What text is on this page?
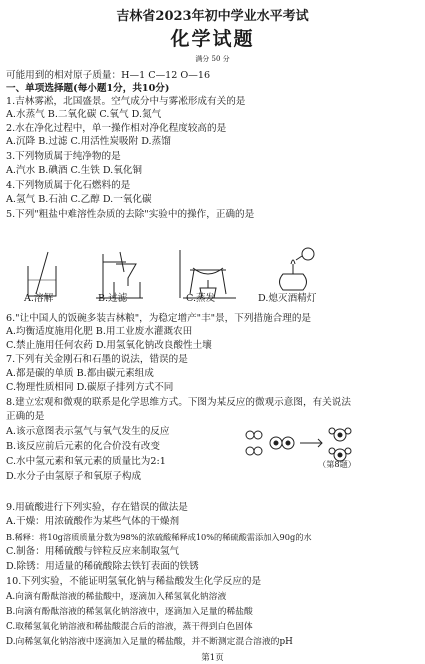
吉林省2023年初中学业水平考试
化学试题
满分 50 分
可能用到的相对原子质量：H—1 C—12 O—16
一、单项选择题(每小题1分，共10分)
1.吉林雾凇，北国盛景。空气成分中与雾凇形成有关的是
A.水蒸气 B.二氧化碳 C.氧气 D.氮气
2.水在净化过程中，单一操作相对净化程度较高的是
A.沉降 B.过滤 C.用活性炭吸附 D.蒸馏
3.下列物质属于纯净物的是
A.汽水 B.碘酒 C.生铁 D.氧化铜
4.下列物质属于化石燃料的是
A.氢气 B.石油 C.乙醇 D.一氧化碳
5.下列"粗盐中难溶性杂质的去除"实验中的操作，正确的是
A.溶解	B.过滤	C.蒸发	D.熄灭酒精灯
6."让中国人的饭碗多装吉林粮"，为稳定增产"丰"景，下列措施合理的是
A.均衡适度施用化肥 B.用工业废水灌溉农田
C.禁止施用任何农药 D.用氢氧化钠改良酸性土壤
7.下列有关金刚石和石墨的说法，错误的是
A.都是碳的单质 B.都由碳元素组成
C.物理性质相同 D.碳原子排列方式不同
8.建立宏观和微观的联系是化学思维方式。下图为某反应的微观示意图，有关说法
正确的是
A.该示意图表示氢气与氧气发生的反应
B.该反应前后元素的化合价没有改变
C.水中氢元素和氧元素的质量比为2:1
D.水分子由氢原子和氧原子构成
（第8题）
9.用硫酸进行下列实验，存在错误的做法是
A.干燥：用浓硫酸作为某些气体的干燥剂
B.稀释：将10g溶质质量分数为98%的浓硫酸稀释成10%的稀硫酸需添加入90g的水
C.制备：用稀硫酸与锌粒反应来制取氢气
D.除锈：用适量的稀硫酸除去铁钉表面的铁锈
10.下列实验，不能证明氢氧化钠与稀盐酸发生化学反应的是
A.向滴有酚酞溶液的稀盐酸中，逐滴加入稀氢氧化钠溶液
B.向滴有酚酞溶液的稀氢氧化钠溶液中，逐滴加入足量的稀盐酸
C.取稀氢氧化钠溶液和稀盐酸混合后的溶液，蒸干得到白色固体
D.向稀氢氧化钠溶液中逐滴加入足量的稀盐酸，并不断测定混合溶液的pH
第1页
